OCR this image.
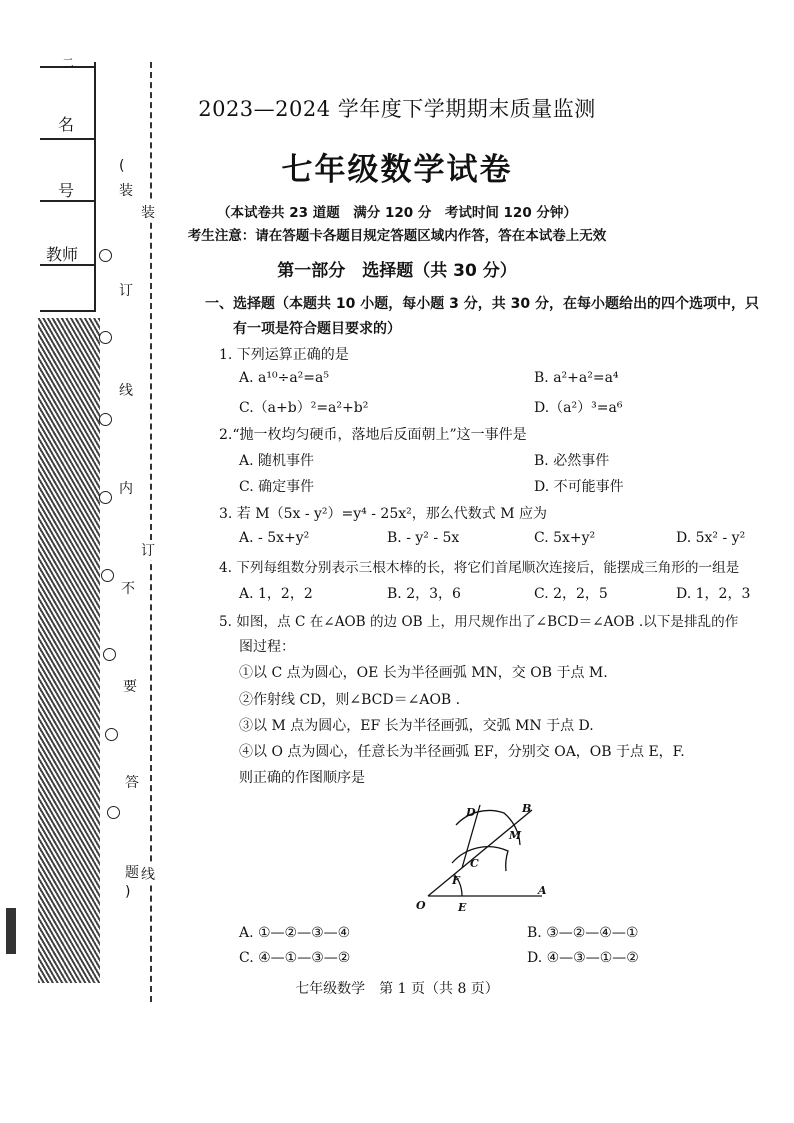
二
名
号
教师
(
装
订
线
内
不
要
答
题
)
装
订
线
2023—2024 学年度下学期期末质量监测
七年级数学试卷
（本试卷共 23 道题　满分 120 分　考试时间 120 分钟）
考生注意：请在答题卡各题目规定答题区域内作答，答在本试卷上无效
第一部分　选择题（共 30 分）
一、选择题（本题共 10 小题，每小题 3 分，共 30 分，在每小题给出的四个选项中，只
有一项是符合题目要求的）
1. 下列运算正确的是
A. a¹⁰÷a²=a⁵	B. a²+a²=a⁴
C.（a+b）²=a²+b²	D.（a²）³=a⁶
2.“抛一枚均匀硬币，落地后反面朝上”这一事件是
A. 随机事件	B. 必然事件
C. 确定事件	D. 不可能事件
3. 若 M（5x - y²）=y⁴ - 25x²，那么代数式 M 应为
A. - 5x+y²	B. - y² - 5x	C. 5x+y²	D. 5x² - y²
4. 下列每组数分别表示三根木棒的长，将它们首尾顺次连接后，能摆成三角形的一组是
A. 1，2，2	B. 2，3，6	C. 2，2，5	D. 1，2，3
5. 如图，点 C 在∠AOB 的边 OB 上，用尺规作出了∠BCD＝∠AOB .以下是排乱的作
图过程：
①以 C 点为圆心，OE 长为半径画弧 MN，交 OB 于点 M.
②作射线 CD，则∠BCD＝∠AOB .
③以 M 点为圆心，EF 长为半径画弧，交弧 MN 于点 D.
④以 O 点为圆心，任意长为半径画弧 EF，分别交 OA，OB 于点 E，F.
则正确的作图顺序是
O	E
A
F
C
M
D	B
A. ①—②—③—④	B. ③—②—④—①
C. ④—①—③—②	D. ④—③—①—②
七年级数学　第 1 页（共 8 页）
